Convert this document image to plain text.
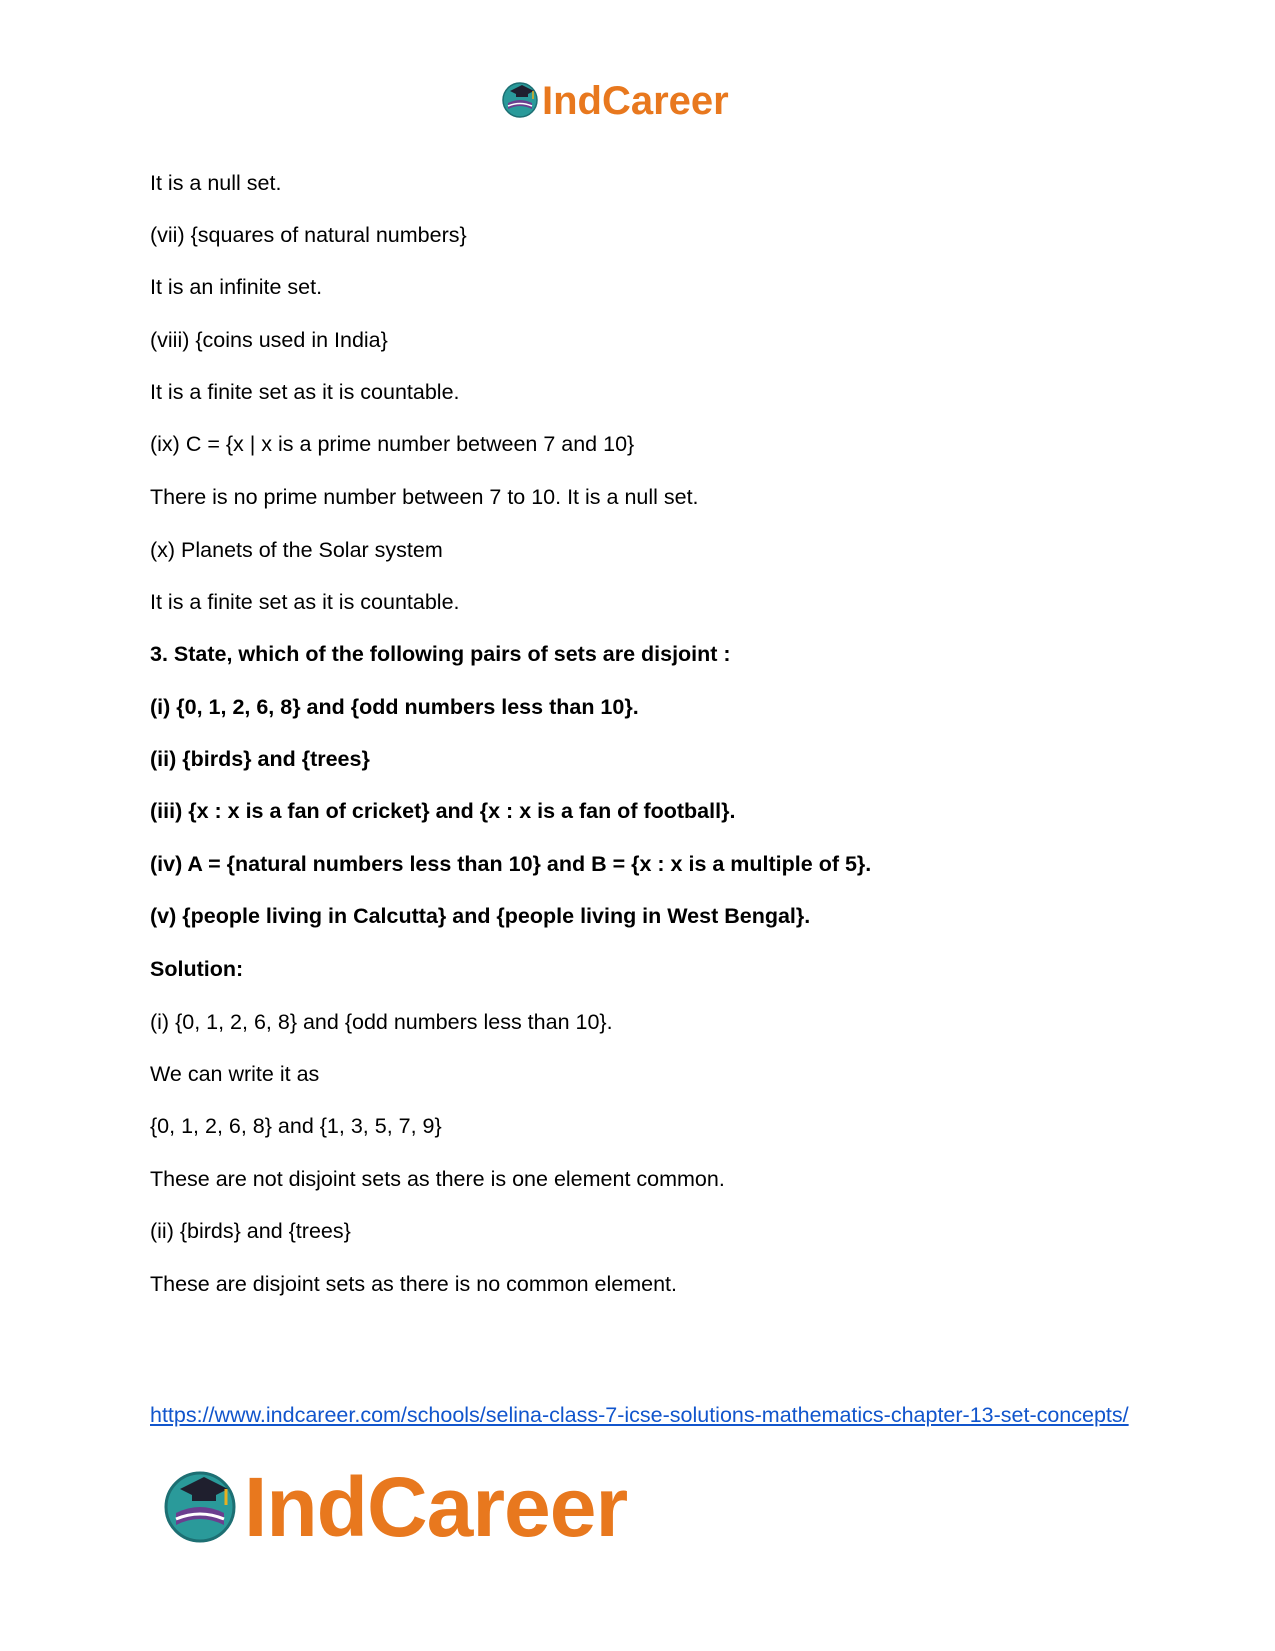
IndCareer
It is a null set.
(vii) {squares of natural numbers}
It is an infinite set.
(viii) {coins used in India}
It is a finite set as it is countable.
(ix) C = {x | x is a prime number between 7 and 10}
There is no prime number between 7 to 10. It is a null set.
(x) Planets of the Solar system
It is a finite set as it is countable.
3. State, which of the following pairs of sets are disjoint :
(i) {0, 1, 2, 6, 8} and {odd numbers less than 10}.
(ii) {birds} and {trees}
(iii) {x : x is a fan of cricket} and {x : x is a fan of football}.
(iv) A = {natural numbers less than 10} and B = {x : x is a multiple of 5}.
(v) {people living in Calcutta} and {people living in West Bengal}.
Solution:
(i) {0, 1, 2, 6, 8} and {odd numbers less than 10}.
We can write it as
{0, 1, 2, 6, 8} and {1, 3, 5, 7, 9}
These are not disjoint sets as there is one element common.
(ii) {birds} and {trees}
These are disjoint sets as there is no common element.
https://www.indcareer.com/schools/selina-class-7-icse-solutions-mathematics-chapter-13-set-concepts/
IndCareer
